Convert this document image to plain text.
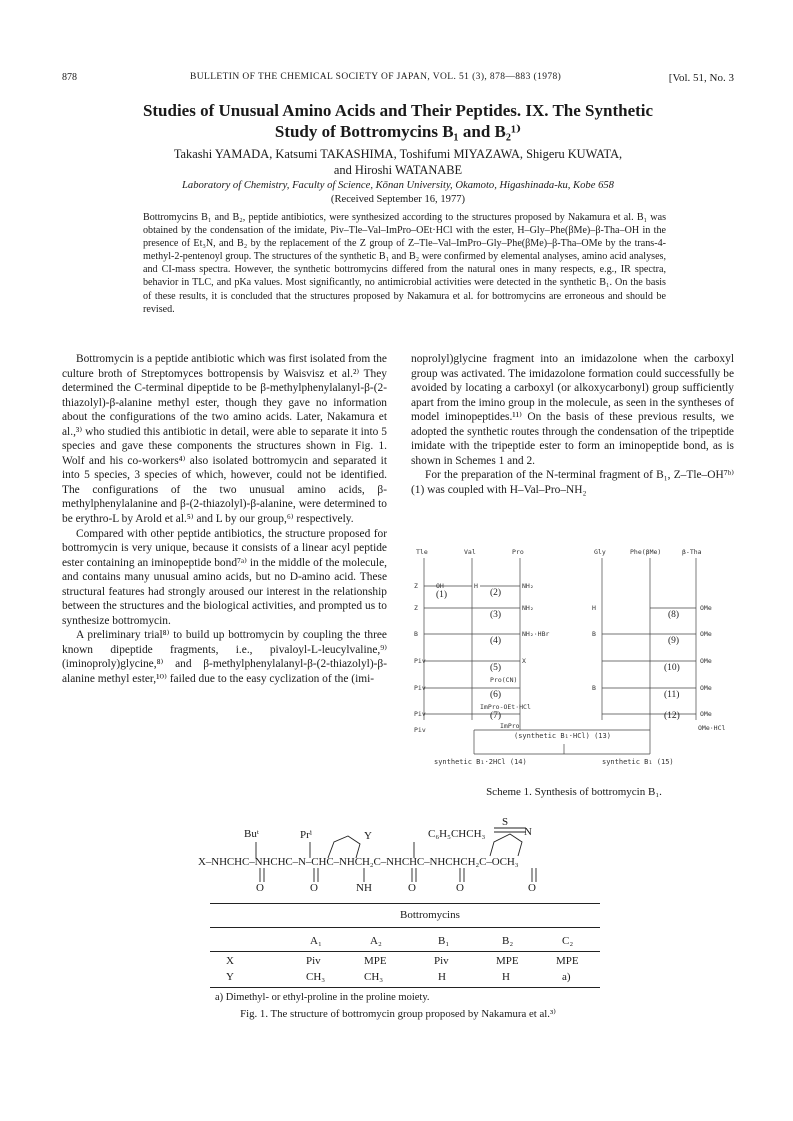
878	BULLETIN OF THE CHEMICAL SOCIETY OF JAPAN, VOL. 51 (3), 878—883 (1978)	[Vol. 51, No. 3
Studies of Unusual Amino Acids and Their Peptides. IX. The Synthetic
Study of Bottromycins B₁ and B₂¹⁾
Takashi YAMADA, Katsumi TAKASHIMA, Toshifumi MIYAZAWA, Shigeru KUWATA,
and Hiroshi WATANABE
Laboratory of Chemistry, Faculty of Science, Kōnan University, Okamoto, Higashinada-ku, Kobe 658
(Received September 16, 1977)
Bottromycins B₁ and B₂, peptide antibiotics, were synthesized according to the structures proposed by Nakamura et al. B₁ was obtained by the condensation of the imidate, Piv–Tle–Val–ImPro–OEt·HCl with the ester, H–Gly–Phe(βMe)–β-Tha–OH in the presence of Et₃N, and B₂ by the replacement of the Z group of Z–Tle–Val–ImPro–Gly–Phe(βMe)–β-Tha–OMe by the trans-4-methyl-2-pentenoyl group. The structures of the synthetic B₁ and B₂ were confirmed by elemental analyses, amino acid analyses, and CI-mass spectra. However, the synthetic bottromycins differed from the natural ones in many respects, e.g., IR spectra, behavior in TLC, and pKa values. Most significantly, no antimicrobial activities were detected in the synthetic B₁. On the basis of these results, it is concluded that the structures proposed by Nakamura et al. for bottromycins are erroneous and should be revised.

Bottromycin is a peptide antibiotic which was first isolated from the culture broth of Streptomyces bottropensis by Waisvisz et al.²⁾ They determined the C-terminal dipeptide to be β-methylphenylalanyl-β-(2-thiazolyl)-β-alanine methyl ester, though they gave no information about the configurations of the two amino acids. Later, Nakamura et al.,³⁾ who studied this antibiotic in detail, were able to separate it into 5 species and gave these components the structures shown in Fig. 1. Wolf and his co-workers⁴⁾ also isolated bottromycin and separated it into 5 species, 3 species of which, however, could not be identified. The configurations of the two unusual amino acids, β-methylphenylalanine and β-(2-thiazolyl)-β-alanine, were determined to be erythro-L by Arold et al.⁵⁾ and L by our group,⁶⁾ respectively.

Compared with other peptide antibiotics, the structure proposed for bottromycin is very unique, because it consists of a linear acyl peptide ester containing an iminopeptide bond⁷ᵃ⁾ in the middle of the molecule, and contains many unusual amino acids, but no D-amino acid. These structural features had strongly aroused our interest in the relationship between the structures and the biological activities, and prompted us to synthesize bottromycin.

A preliminary trial⁸⁾ to build up bottromycin by coupling the three known dipeptide fragments, i.e., pivaloyl-L-leucylvaline,⁹⁾ (iminoproly)glycine,⁸⁾ and β-methylphenylalanyl-β-(2-thiazolyl)-β-alanine methyl ester,¹⁰⁾ failed due to the easy cyclization of the (imi-

noprolyl)glycine fragment into an imidazolone when the carboxyl group was activated. The imidazolone formation could successfully be avoided by locating a carboxyl (or alkoxycarbonyl) group sufficiently apart from the imino group in the molecule, as seen in the syntheses of model iminopeptides.¹¹⁾ On the basis of these previous results, we adopted the synthetic routes through the condensation of the tripeptide imidate with the tripeptide ester to form an iminopeptide bond, as is shown in Schemes 1 and 2.

For the preparation of the N-terminal fragment of B₁, Z–Tle–OH⁷ᵇ⁾(1) was coupled with H–Val–Pro–NH₂

Tle	Val	Pro	Gly	Phe(βMe)	β-Tha
Z	OH	H	NH₂
Z	NH₂
B	NH₂·HBr
Piv	X
Piv
Pro(CN)
Piv
ImPro-OEt·HCl
Piv	ImPro
H
B
B
OMe
OMe
OMe
OMe
OMe
OMe·HCl
(1)	(2)
(3)
(4)
(5)
(6)
(7)
(8)
(9)
(10)
(11)
(12)
(synthetic B₁·HCl) (13)
synthetic B₁·2HCl (14)	synthetic B₁ (15)
Scheme 1. Synthesis of bottromycin B₁.
Buᵗ	Prⁱ	Y	C₆H₅CHCH₃
S
N
X–NHCHC–NHCHC–N–CHC–NHCH₂C–NHCHC–NHCHCH₂C–OCH₃
O	O	NH	O	O	O
Bottromycins
A₁	A₂	B₁	B₂	C₂
X	Piv	MPE	Piv	MPE	MPE
Y	CH₃	CH₃	H	H	a)
a) Dimethyl- or ethyl-proline in the proline moiety.
Fig. 1. The structure of bottromycin group proposed by Nakamura et al.³⁾
